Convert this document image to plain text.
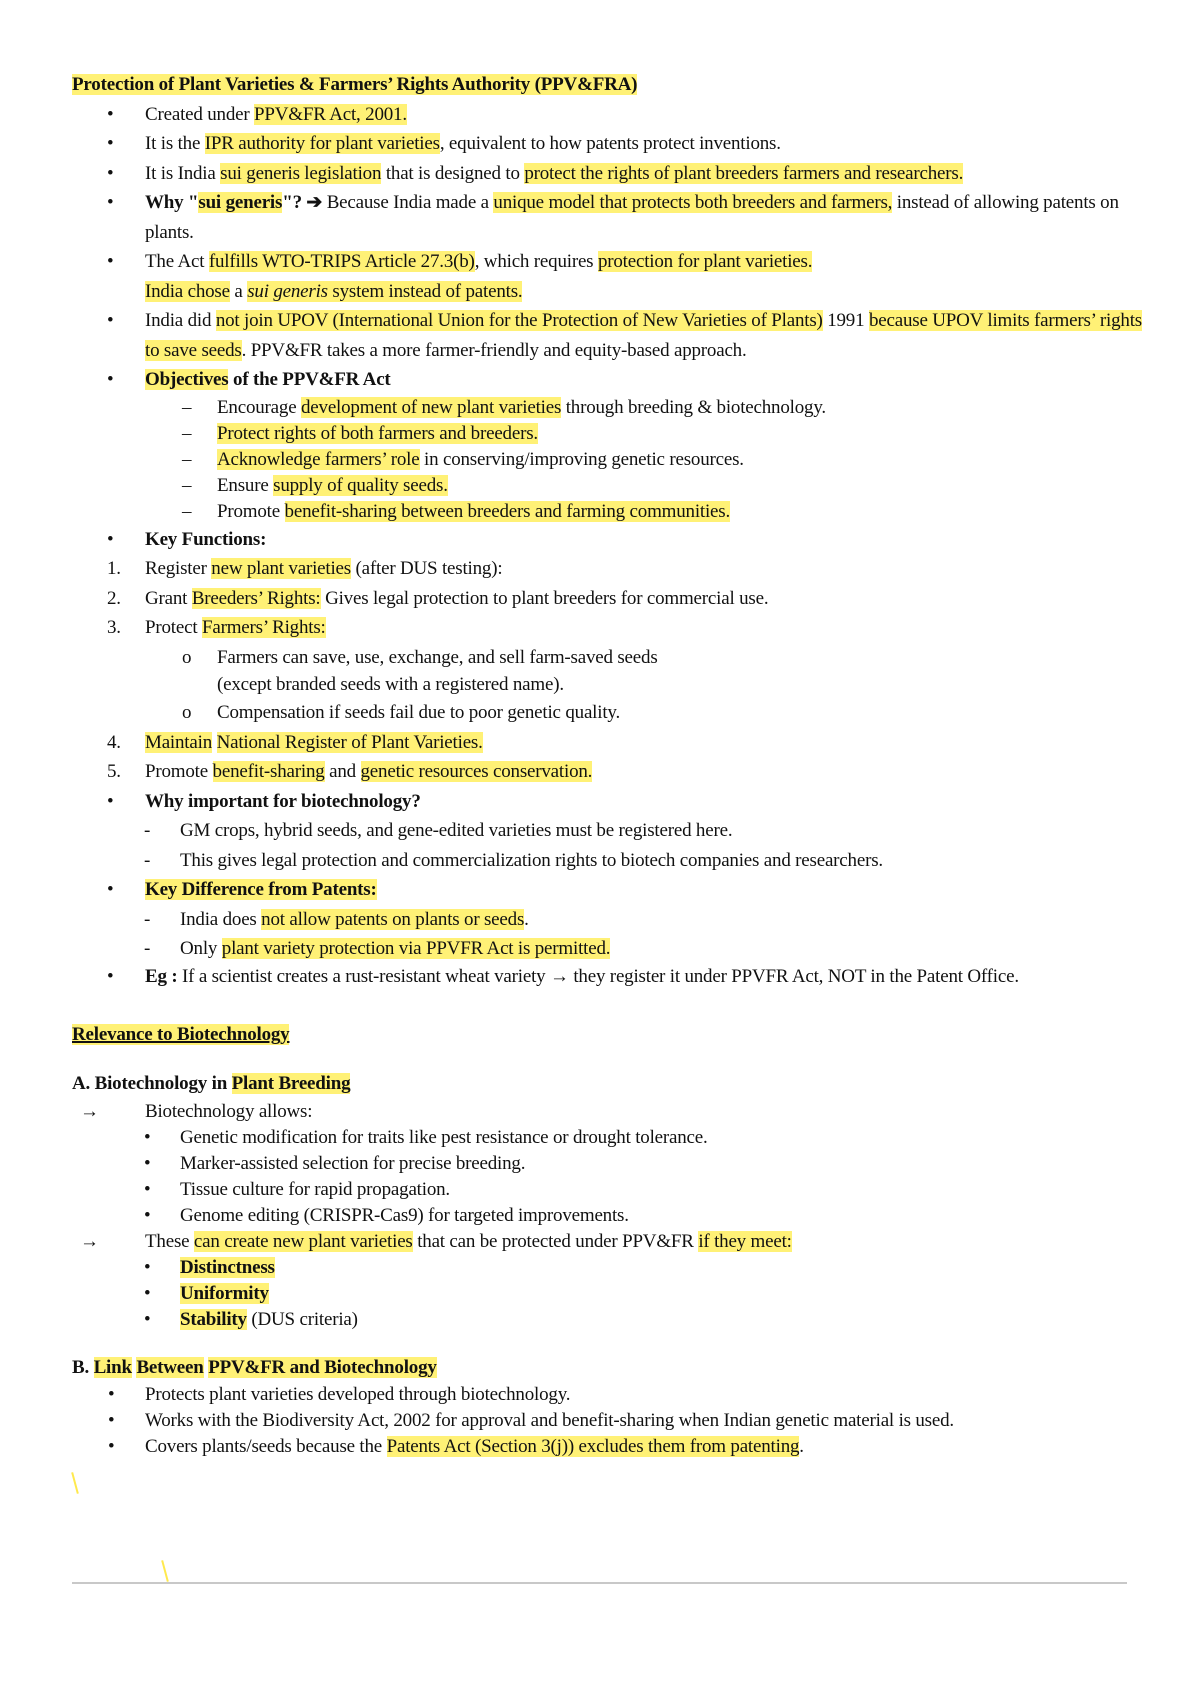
Protection of Plant Varieties & Farmers’ Rights Authority (PPV&FRA)
• Created under PPV&FR Act, 2001.
• It is the IPR authority for plant varieties, equivalent to how patents protect inventions.
• It is India sui generis legislation that is designed to protect the rights of plant breeders farmers and researchers.
• Why "sui generis"? ➔ Because India made a unique model that protects both breeders and farmers, instead of allowing patents on plants.
• The Act fulfills WTO-TRIPS Article 27.3(b), which requires protection for plant varieties.
India chose a sui generis system instead of patents.
• India did not join UPOV (International Union for the Protection of New Varieties of Plants) 1991 because UPOV limits farmers’ rights to save seeds. PPV&FR takes a more farmer-friendly and equity-based approach.
• Objectives of the PPV&FR Act
– Encourage development of new plant varieties through breeding & biotechnology.
– Protect rights of both farmers and breeders.
– Acknowledge farmers’ role in conserving/improving genetic resources.
– Ensure supply of quality seeds.
– Promote benefit-sharing between breeders and farming communities.
• Key Functions:
1. Register new plant varieties (after DUS testing):
2. Grant Breeders’ Rights: Gives legal protection to plant breeders for commercial use.
3. Protect Farmers’ Rights:
o Farmers can save, use, exchange, and sell farm-saved seeds
(except branded seeds with a registered name).
o Compensation if seeds fail due to poor genetic quality.
4. Maintain National Register of Plant Varieties.
5. Promote benefit-sharing and genetic resources conservation.
• Why important for biotechnology?
- GM crops, hybrid seeds, and gene-edited varieties must be registered here.
- This gives legal protection and commercialization rights to biotech companies and researchers.
• Key Difference from Patents:
- India does not allow patents on plants or seeds.
- Only plant variety protection via PPVFR Act is permitted.
• Eg : If a scientist creates a rust-resistant wheat variety → they register it under PPVFR Act, NOT in the Patent Office.
Relevance to Biotechnology
A. Biotechnology in Plant Breeding
→ Biotechnology allows:
• Genetic modification for traits like pest resistance or drought tolerance.
• Marker-assisted selection for precise breeding.
• Tissue culture for rapid propagation.
• Genome editing (CRISPR-Cas9) for targeted improvements.
→ These can create new plant varieties that can be protected under PPV&FR if they meet:
• Distinctness
• Uniformity
• Stability (DUS criteria)
B. Link Between PPV&FR and Biotechnology
• Protects plant varieties developed through biotechnology.
• Works with the Biodiversity Act, 2002 for approval and benefit-sharing when Indian genetic material is used.
• Covers plants/seeds because the Patents Act (Section 3(j)) excludes them from patenting.
